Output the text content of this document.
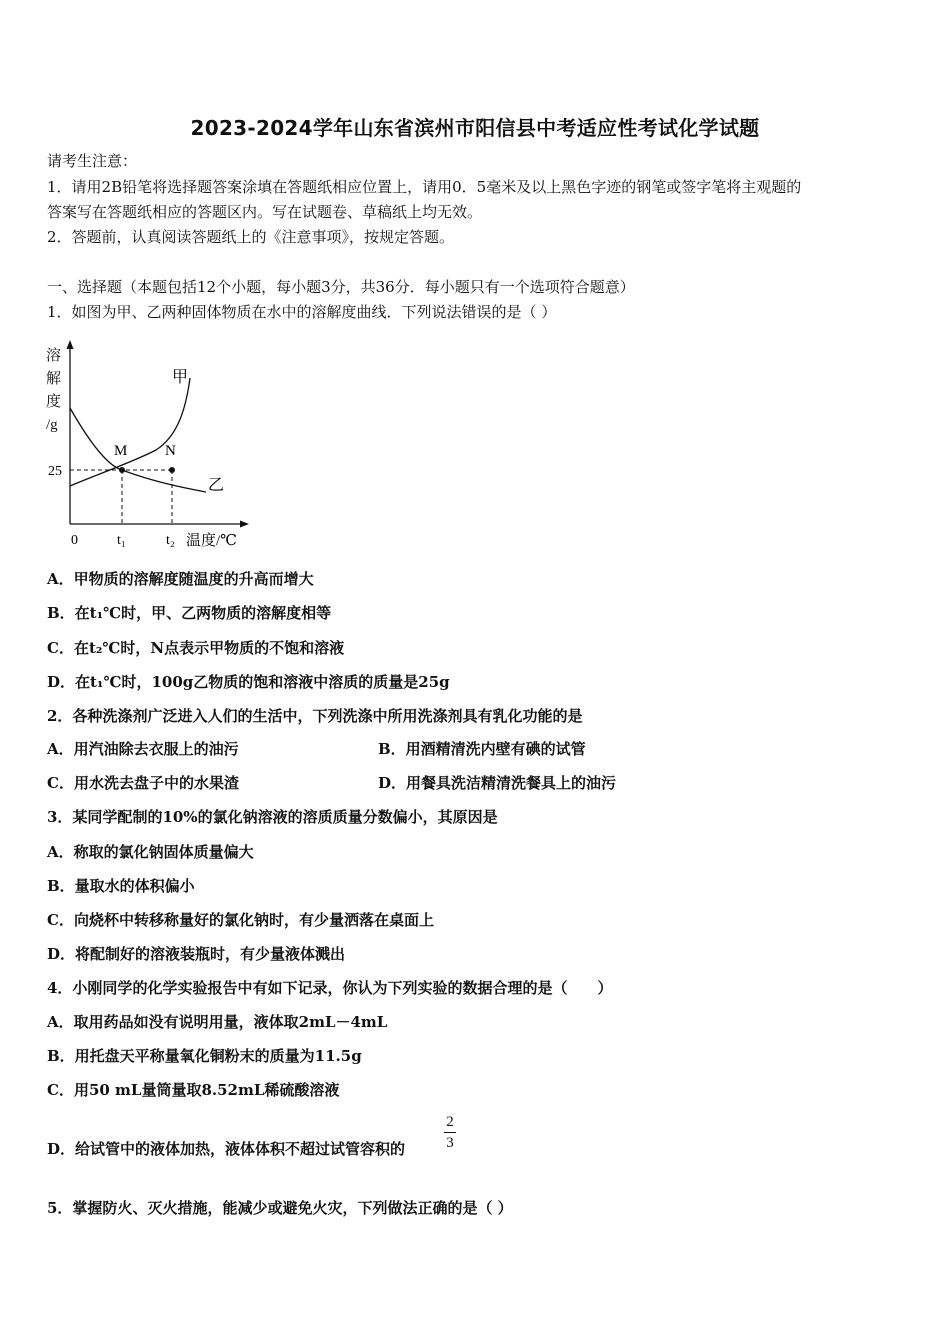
2023-2024学年山东省滨州市阳信县中考适应性考试化学试题
请考生注意：
1．请用2B铅笔将选择题答案涂填在答题纸相应位置上，请用0．5毫米及以上黑色字迹的钢笔或签字笔将主观题的
答案写在答题纸相应的答题区内。写在试题卷、草稿纸上均无效。
2．答题前，认真阅读答题纸上的《注意事项》，按规定答题。
一、选择题（本题包括12个小题，每小题3分，共36分．每小题只有一个选项符合题意）
1．如图为甲、乙两种固体物质在水中的溶解度曲线．下列说法错误的是（ ）
溶
解
度
/g
M	N
甲
乙
25
0	t₁	t₂ 温度/℃
A．甲物质的溶解度随温度的升高而增大
B．在t₁℃时，甲、乙两物质的溶解度相等
C．在t₂℃时，N点表示甲物质的不饱和溶液
D．在t₁℃时，100g乙物质的饱和溶液中溶质的质量是25g
2．各种洗涤剂广泛进入人们的生活中，下列洗涤中所用洗涤剂具有乳化功能的是
A．用汽油除去衣服上的油污	B．用酒精清洗内壁有碘的试管
C．用水洗去盘子中的水果渣	D．用餐具洗洁精清洗餐具上的油污
3．某同学配制的10%的氯化钠溶液的溶质质量分数偏小，其原因是
A．称取的氯化钠固体质量偏大
B．量取水的体积偏小
C．向烧杯中转移称量好的氯化钠时，有少量洒落在桌面上
D．将配制好的溶液装瓶时，有少量液体溅出
4．小刚同学的化学实验报告中有如下记录，你认为下列实验的数据合理的是（　　）
A．取用药品如没有说明用量，液体取2mL－4mL
B．用托盘天平称量氧化铜粉末的质量为11.5g
C．用50 mL量筒量取8.52mL稀硫酸溶液
D．给试管中的液体加热，液体体积不超过试管容积的
2
3
5．掌握防火、灭火措施，能减少或避免火灾，下列做法正确的是（ ）
